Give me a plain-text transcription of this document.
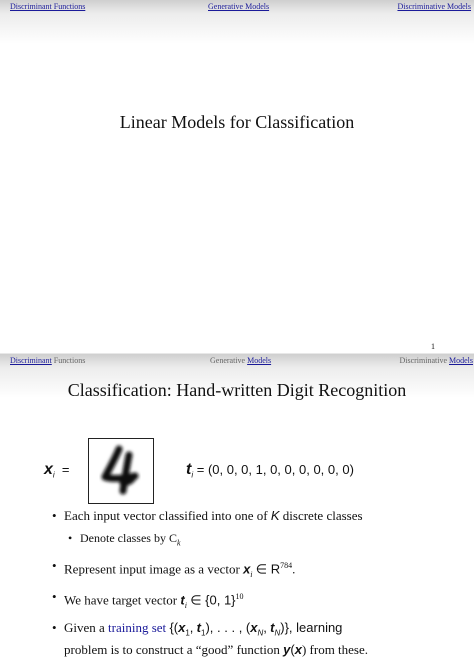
Discriminant Functions	Generative Models	Discriminative Models
Linear Models for Classification
1
Discriminant Functions	Generative Models	Discriminative Models
Classification: Hand-written Digit Recognition
$x_i$ =	$t_i = (0$, 0, 0, 1, 0, 0, 0, 0, 0, 0)
• Each input vector classified into one of K discrete classes
• Denote classes by $C_k$
• Represent input image as a vector $x_i$ ∈ $R^{784}$.
• We have target vector $t_i$ ∈ {0, 1}$^{10}$
• Given a training set {($x_1$, $t_1$), . . . , ($x_N$, $t_N$)}, learning
problem is to construct a “good” function y(x) from these.
